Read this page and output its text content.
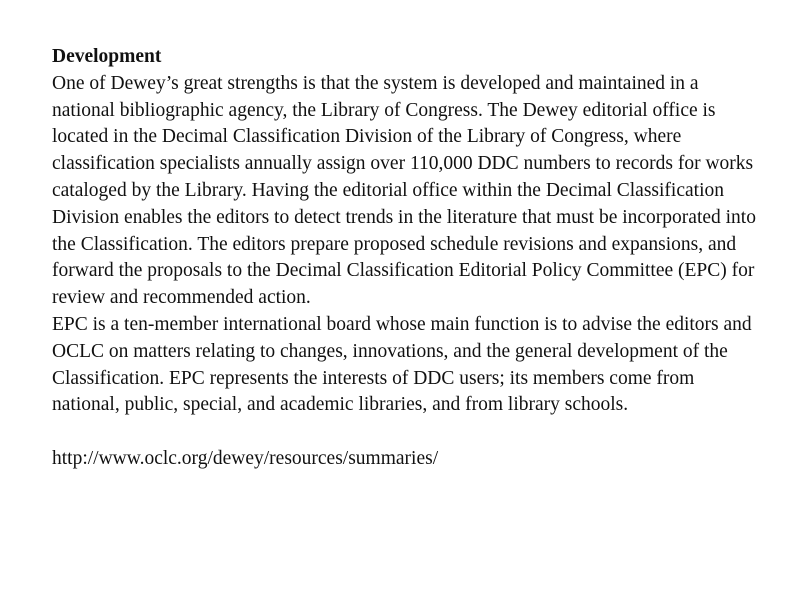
Development

One of Dewey’s great strengths is that the system is developed and maintained in a national bibliographic agency, the Library of Congress. The Dewey editorial office is located in the Decimal Classification Division of the Library of Congress, where classification specialists annually assign over 110,000 DDC numbers to records for works cataloged by the Library. Having the editorial office within the Decimal Classification Division enables the editors to detect trends in the literature that must be incorporated into the Classification. The editors prepare proposed schedule revisions and expansions, and forward the proposals to the Decimal Classification Editorial Policy Committee (EPC) for review and recommended action.

EPC is a ten-member international board whose main function is to advise the editors and OCLC on matters relating to changes, innovations, and the general development of the Classification. EPC represents the interests of DDC users; its members come from national, public, special, and academic libraries, and from library schools.

http://www.oclc.org/dewey/resources/summaries/
